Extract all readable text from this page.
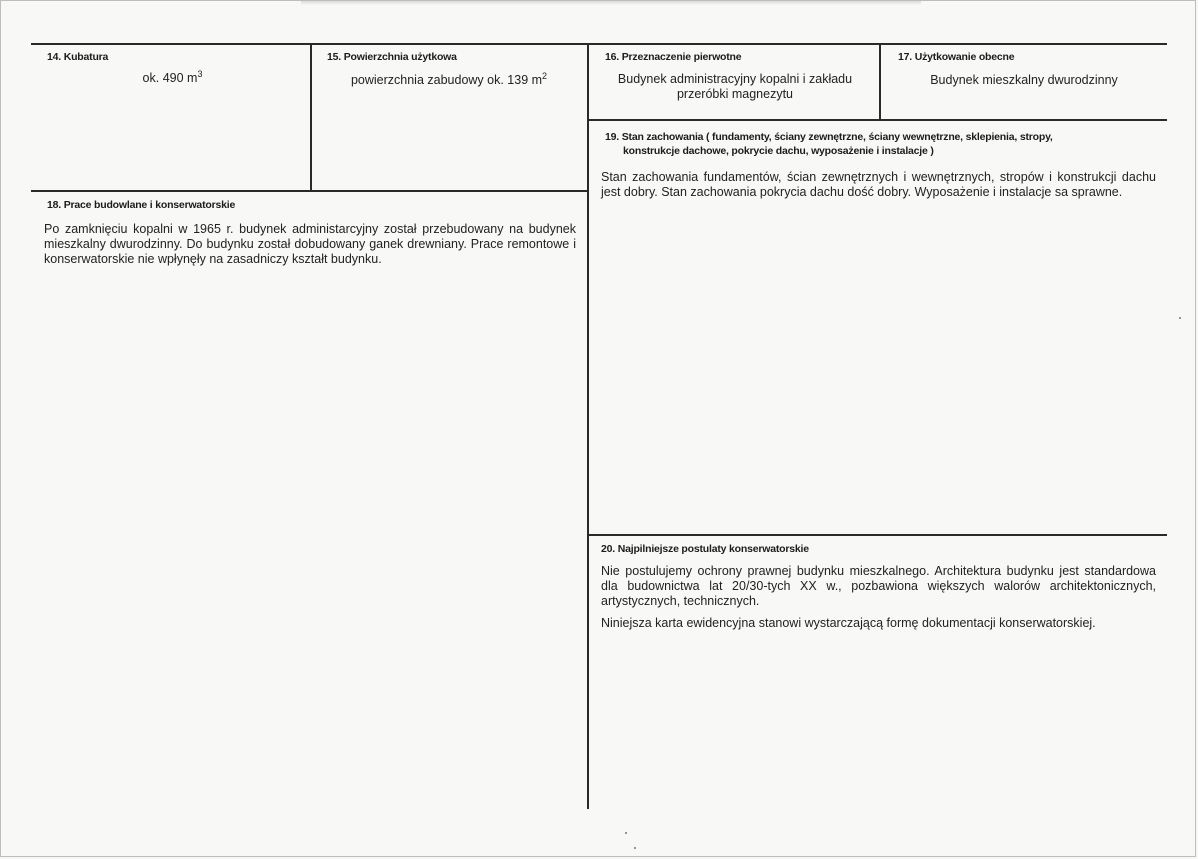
14. Kubatura
ok. 490 $m^3$
15. Powierzchnia użytkowa
powierzchnia zabudowy ok. 139 $m^2$
16. Przeznaczenie pierwotne
Budynek administracyjny kopalni i zakładu przeróbki magnezytu
17. Użytkowanie obecne
Budynek mieszkalny dwurodzinny
19. Stan zachowania ( fundamenty, ściany zewnętrzne, ściany wewnętrzne, sklepienia, stropy,
konstrukcje dachowe, pokrycie dachu, wyposażenie i instalacje )
Stan zachowania fundamentów, ścian zewnętrznych i wewnętrznych, stropów i konstrukcji dachu jest dobry. Stan zachowania pokrycia dachu dość dobry. Wyposażenie i instalacje sa sprawne.
18. Prace budowlane i konserwatorskie
Po zamknięciu kopalni w 1965 r. budynek administarcyjny został przebudowany na budynek mieszkalny dwurodzinny. Do budynku został dobudowany ganek drewniany. Prace remontowe i konserwatorskie nie wpłynęły na zasadniczy kształt budynku.
20. Najpilniejsze postulaty konserwatorskie

Nie postulujemy ochrony prawnej budynku mieszkalnego. Architektura budynku jest standardowa dla budownictwa lat 20/30-tych XX w., pozbawiona większych walorów architektonicznych, artystycznych, technicznych.

Niniejsza karta ewidencyjna stanowi wystarczającą formę dokumentacji konserwatorskiej.
